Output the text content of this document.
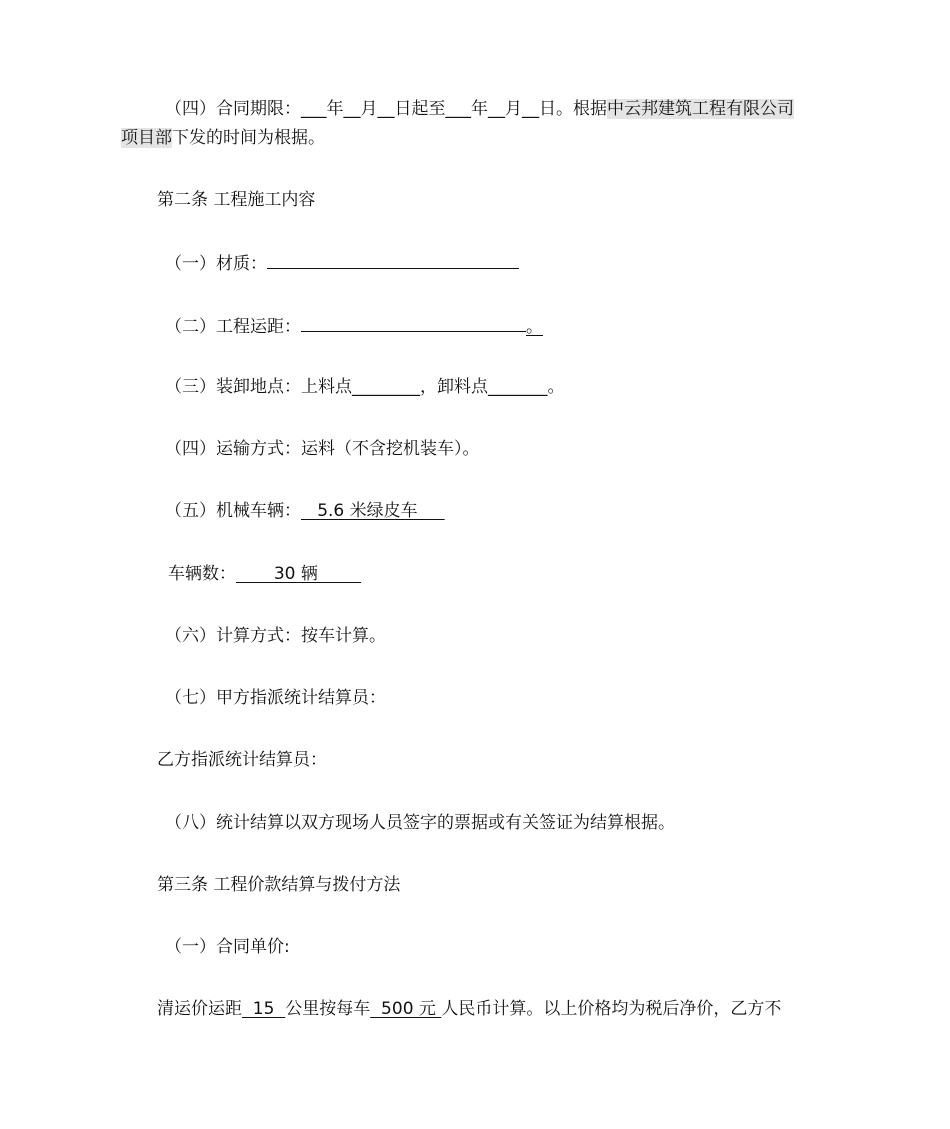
（四）合同期限：___年__月__日起至___年__月__日。根据中云邦建筑工程有限公司
项目部下发的时间为根据。
第二条 工程施工内容
（一）材质：
（二）工程运距：	。
（三）装卸地点：上料点________，卸料点_______。
（四）运输方式：运料（不含挖机装车）。
（五）机械车辆：   5.6 米绿皮车
车辆数：       30 辆
（六）计算方式：按车计算。
（七）甲方指派统计结算员：
乙方指派统计结算员：
（八）统计结算以双方现场人员签字的票据或有关签证为结算根据。
第三条 工程价款结算与拨付方法
（一）合同单价:
清运价运距  15  公里按每车  500 元 人民币计算。以上价格均为税后净价，乙方不
